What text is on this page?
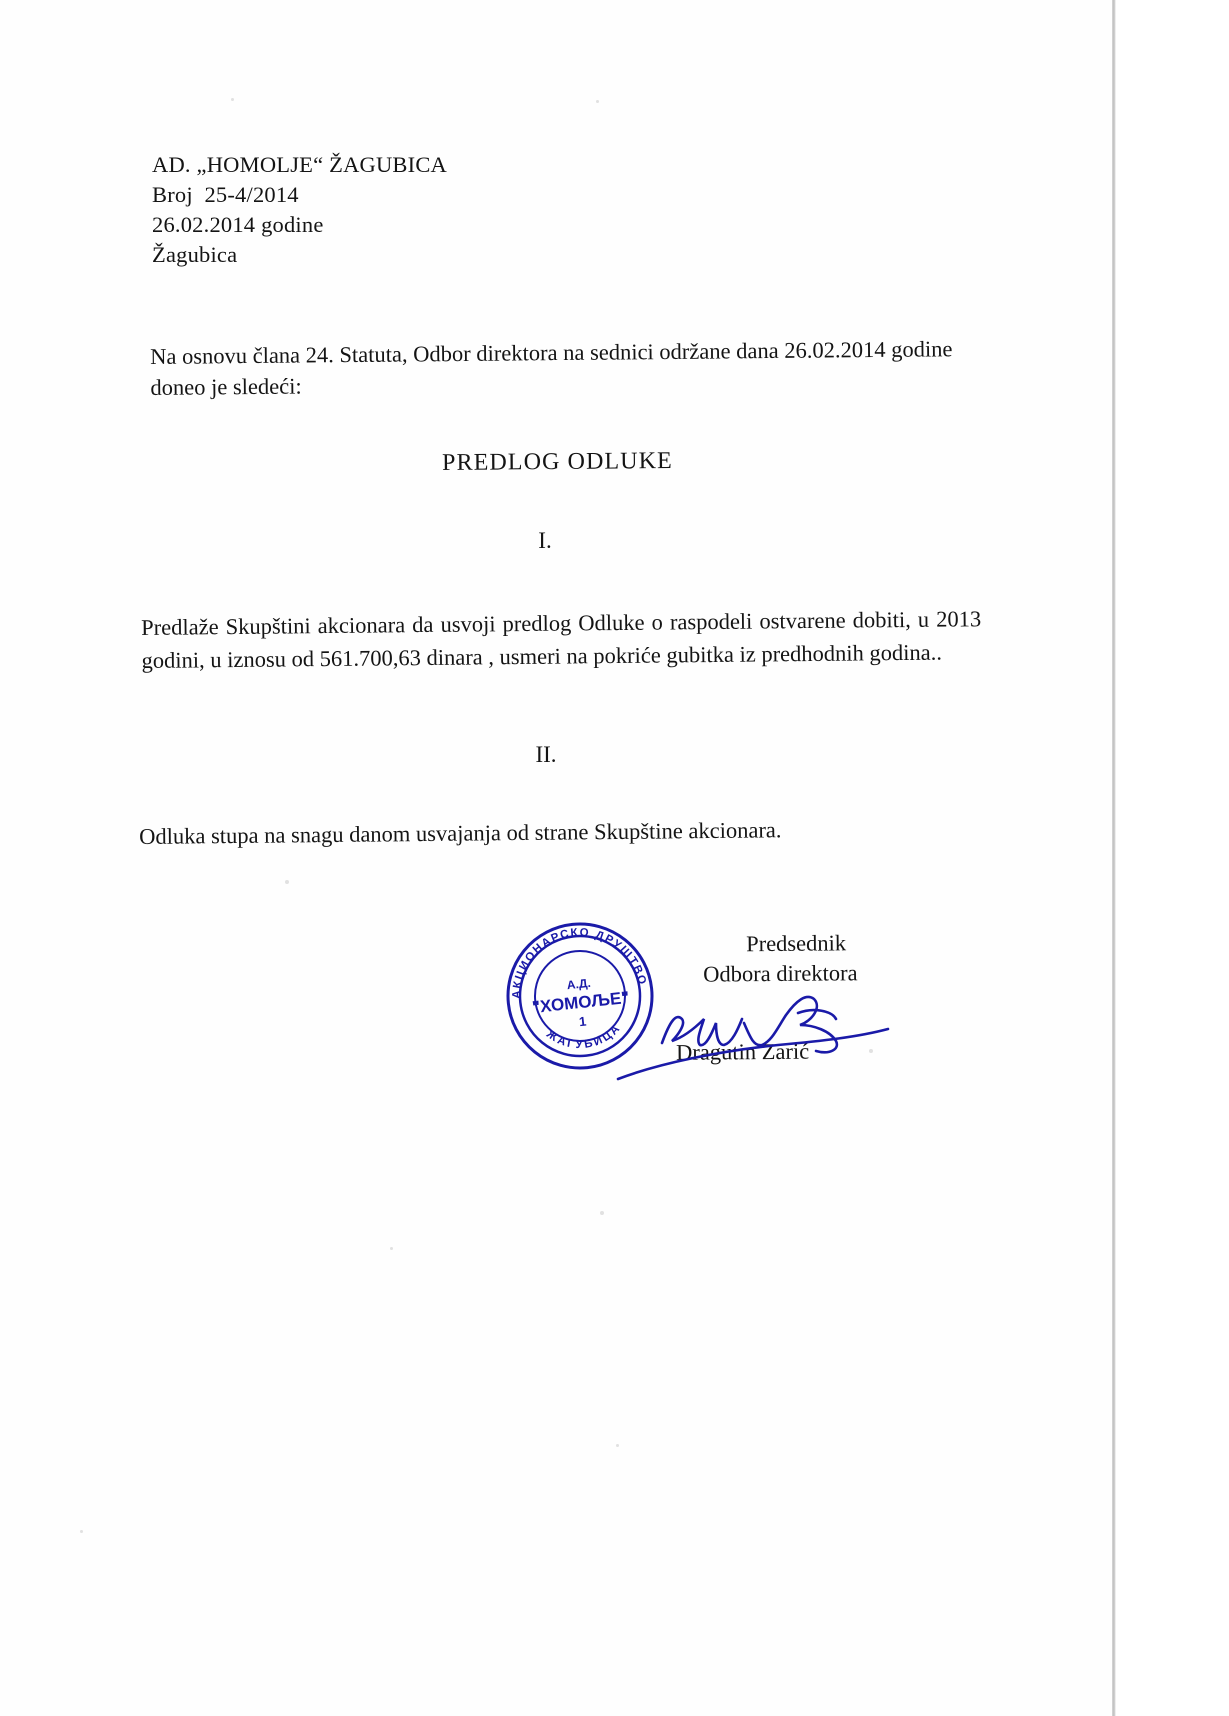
AD. „HOMOLJE“ ŽAGUBICA
Broj  25-4/2014
26.02.2014 godine
Žagubica
Na osnovu člana 24. Statuta, Odbor direktora na sednici održane dana 26.02.2014 godine doneo je sledeći:
PREDLOG ODLUKE
I.
Predlaže Skupštini akcionara da usvoji predlog Odluke o raspodeli ostvarene dobiti, u 2013 godini, u iznosu od 561.700,63 dinara , usmeri na pokriće gubitka iz predhodnih godina..
II.
Odluka stupa na snagu danom usvajanja od strane Skupštine akcionara.
Predsednik
Odbora direktora
Dragutin Zarić
АКЦИОНАРСКО ДРУШТВО
ЖАГУБИЦА
А.Д.
"ХОМОЉЕ"
1
